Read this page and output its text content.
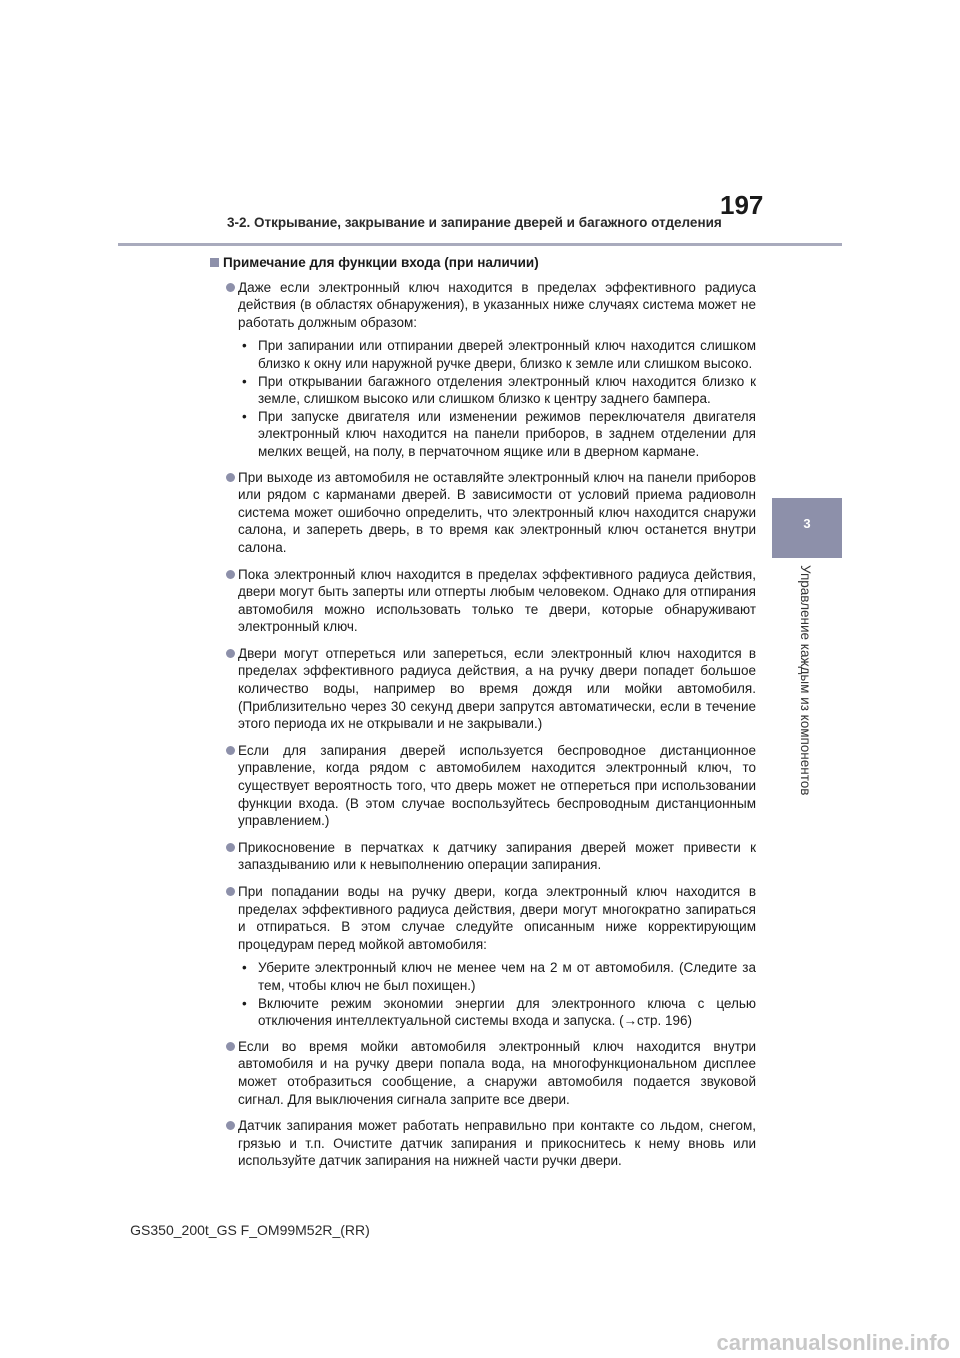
3-2. Открывание, закрывание и запирание дверей и багажного отделения
197
3
Управление каждым из компонентов
Примечание для функции входа (при наличии)
Даже если электронный ключ находится в пределах эффективного радиуса действия (в областях обнаружения), в указанных ниже случаях система может не работать должным образом:
• При запирании или отпирании дверей электронный ключ находится слишком близко к окну или наружной ручке двери, близко к земле или слишком высоко.
• При открывании багажного отделения электронный ключ находится близко к земле, слишком высоко или слишком близко к центру заднего бампера.
• При запуске двигателя или изменении режимов переключателя двигателя электронный ключ находится на панели приборов, в заднем отделении для мелких вещей, на полу, в перчаточном ящике или в дверном кармане.
При выходе из автомобиля не оставляйте электронный ключ на панели приборов или рядом с карманами дверей. В зависимости от условий приема радиоволн система может ошибочно определить, что электронный ключ находится снаружи салона, и запереть дверь, в то время как электронный ключ останется внутри салона.
Пока электронный ключ находится в пределах эффективного радиуса действия, двери могут быть заперты или отперты любым человеком. Однако для отпирания автомобиля можно использовать только те двери, которые обнаруживают электронный ключ.
Двери могут отпереться или запереться, если электронный ключ находится в пределах эффективного радиуса действия, а на ручку двери попадет большое количество воды, например во время дождя или мойки автомобиля. (Приблизительно через 30 секунд двери запрутся автоматически, если в течение этого периода их не открывали и не закрывали.)
Если для запирания дверей используется беспроводное дистанционное управление, когда рядом с автомобилем находится электронный ключ, то существует вероятность того, что дверь может не отпереться при использовании функции входа. (В этом случае воспользуйтесь беспроводным дистанционным управлением.)
Прикосновение в перчатках к датчику запирания дверей может привести к запаздыванию или к невыполнению операции запирания.
При попадании воды на ручку двери, когда электронный ключ находится в пределах эффективного радиуса действия, двери могут многократно запираться и отпираться. В этом случае следуйте описанным ниже корректирующим процедурам перед мойкой автомобиля:
• Уберите электронный ключ не менее чем на 2 м от автомобиля. (Следите за тем, чтобы ключ не был похищен.)
• Включите режим экономии энергии для электронного ключа с целью отключения интеллектуальной системы входа и запуска. (→стр. 196)
Если во время мойки автомобиля электронный ключ находится внутри автомобиля и на ручку двери попала вода, на многофункциональном дисплее может отобразиться сообщение, а снаружи автомобиля подается звуковой сигнал. Для выключения сигнала заприте все двери.
Датчик запирания может работать неправильно при контакте со льдом, снегом, грязью и т.п. Очистите датчик запирания и прикоснитесь к нему вновь или используйте датчик запирания на нижней части ручки двери.
GS350_200t_GS F_OM99M52R_(RR)
carmanualsonline.info
